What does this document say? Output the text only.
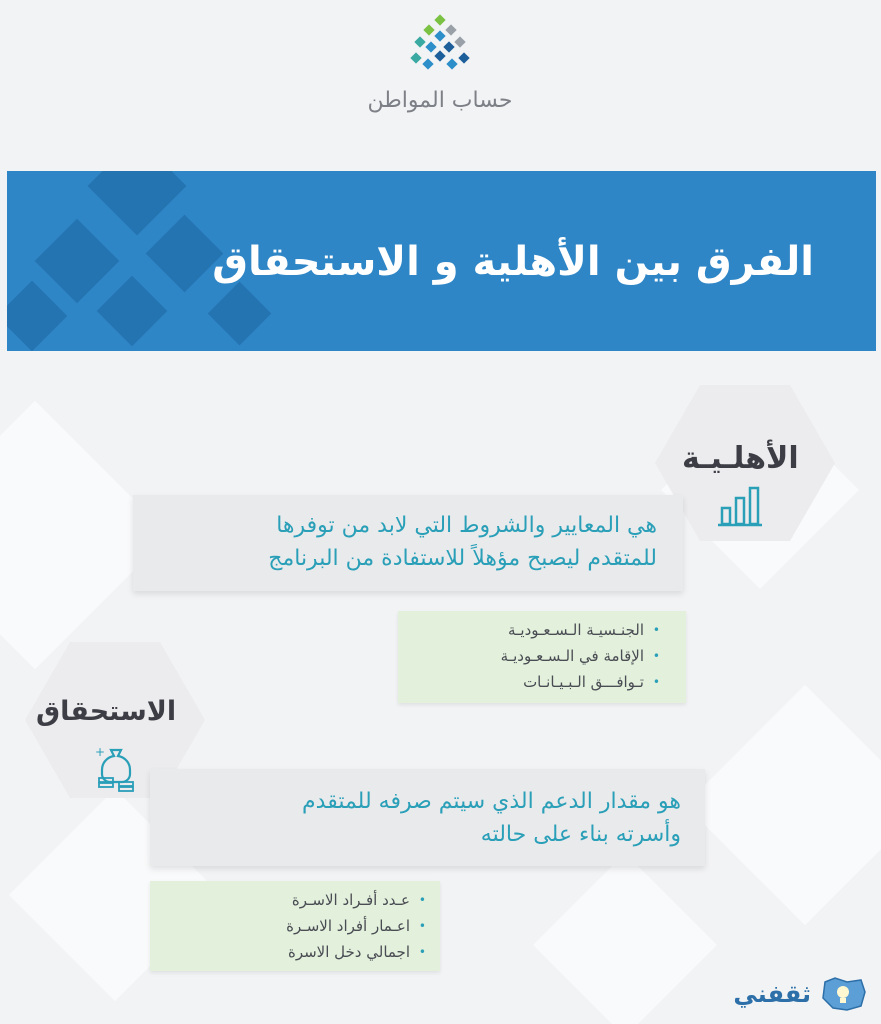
حساب المواطن
الفرق بين الأهلية و الاستحقاق
الأهلـيـة

هي المعايير والشروط التي لابد من توفرها

للمتقدم ليصبح مؤهلاً للاستفادة من البرنامج

• الجنـسيـة الـسـعـوديـة
• الإقامة في الـسـعـوديـة
• تـوافـــق الـبـيـانـات
الاستحقاق
+

هو مقدار الدعم الذي سيتم صرفه للمتقدم

وأسرته بناء على حالته

• عـدد أفـراد الاسـرة
• اعـمار أفراد الاسـرة
• اجمالي دخل الاسرة
ثقفني
